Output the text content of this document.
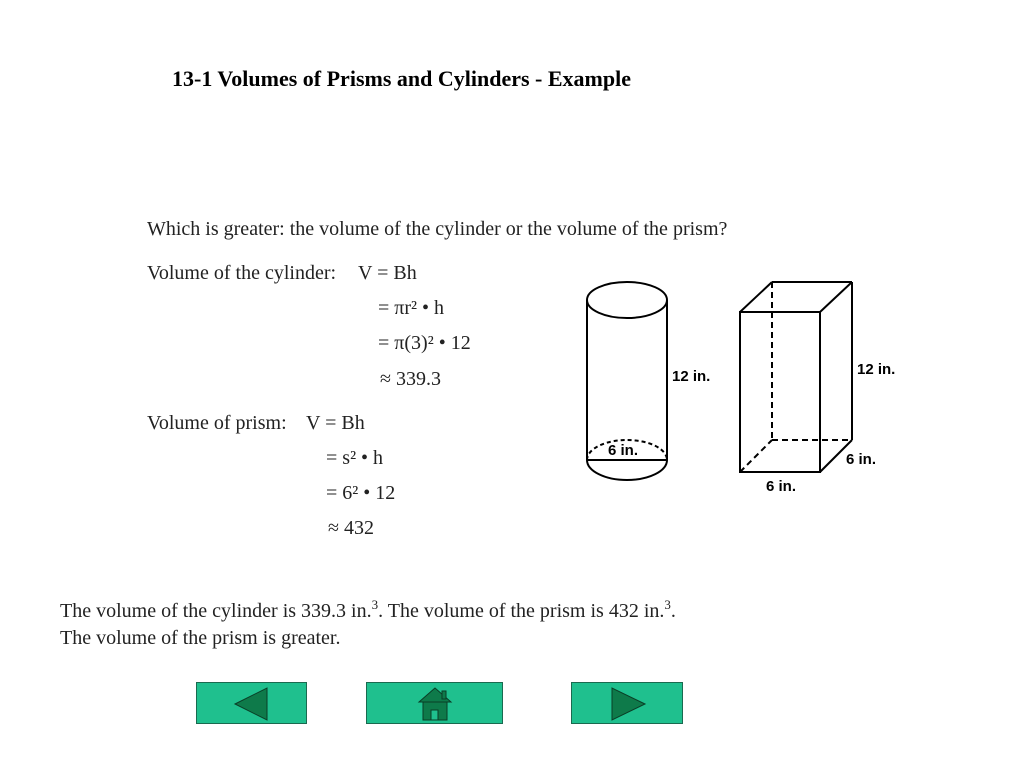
13-1 Volumes of Prisms and Cylinders - Example
Which is greater: the volume of the cylinder or the volume of the prism?
Volume of the cylinder: V = Bh
= πr² • h
= π(3)² • 12
≈ 339.3
Volume of prism: V = Bh
= s² • h
= 6² • 12
≈ 432
6 in.
12 in.	12 in.
6 in.
6 in.
The volume of the cylinder is 339.3 in.$^3$. The volume of the prism is 432 in.$^3$.
The volume of the prism is greater.
